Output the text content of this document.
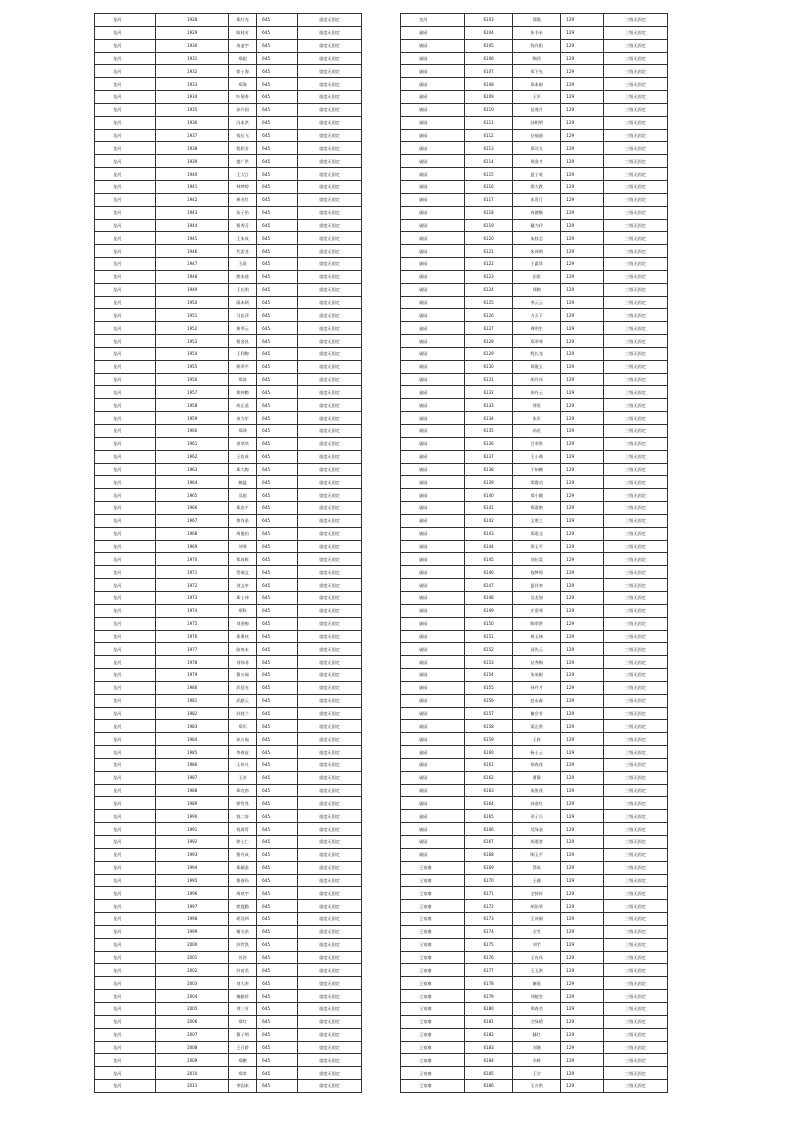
龙河	1928	郑红光	645	重度无固定
龙河	1929	陈桂芳	645	重度无固定
龙河	1930	冉凌宇	645	重度无固定
龙河	1931	郑超	645	重度无固定
龙河	1932	徐士海	645	重度无固定
龙河	1933	郑海	645	重度无固定
龙河	1934	叶菊香	645	重度无固定
龙河	1935	孙兴国	645	重度无固定
龙河	1936	冯本洪	645	重度无固定
龙河	1937	钱长飞	645	重度无固定
龙河	1938	程彩芳	645	重度无固定
龙河	1939	盛广洪	645	重度无固定
龙河	1940	王大江	645	重度无固定
龙河	1941	林梦婷	645	重度无固定
龙河	1942	黄光红	645	重度无固定
龙河	1943	张子怡	645	重度无固定
龙河	1944	曹秀芬	645	重度无固定
龙河	1945	王朱成	645	重度无固定
龙河	1946	代雷龙	645	重度无固定
龙河	1947	王政	645	重度无固定
龙河	1948	熊本道	645	重度无固定
龙河	1949	王长明	645	重度无固定
龙河	1950	廖本炳	645	重度无固定
龙河	1951	马忠萍	645	重度无固定
龙河	1952	黄季云	645	重度无固定
龙河	1953	曹金良	645	重度无固定
龙河	1954	王利梅	645	重度无固定
龙河	1955	徐翠平	645	重度无固定
龙河	1956	郑涛	645	重度无固定
龙河	1957	郑仲勤	645	重度无固定
龙河	1958	胡正道	645	重度无固定
龙河	1959	冉为军	645	重度无固定
龙河	1960	郑坤	645	重度无固定
龙河	1961	余翠华	645	重度无固定
龙河	1962	王佐成	645	重度无固定
龙河	1963	郑大梅	645	重度无固定
龙河	1964	赖猛	645	重度无固定
龙河	1965	吴超	645	重度无固定
龙河	1966	郑忠平	645	重度无固定
龙河	1967	黎伐金	645	重度无固定
龙河	1968	周俊伯	645	重度无固定
龙河	1969	刘琴	645	重度无固定
龙河	1970	郑成辉	645	重度无固定
龙河	1971	蔡瑞文	645	重度无固定
龙河	1972	刘文亭	645	重度无固定
龙河	1973	郑士伟	645	重度无固定
龙河	1974	郑科	645	重度无固定
龙河	1975	刘金梅	645	重度无固定
龙河	1976	郑勇侠	645	重度无固定
龙河	1977	陈每未	645	重度无固定
龙河	1978	刘伟非	645	重度无固定
龙河	1979	曹五福	645	重度无固定
龙河	1980	武延光	645	重度无固定
龙河	1981	武献云	645	重度无固定
龙河	1982	苏桂兰	645	重度无固定
龙河	1983	郑军	645	重度无固定
龙河	1984	孙万福	645	重度无固定
龙河	1985	李春虎	645	重度无固定
龙河	1986	王传凡	645	重度无固定
龙河	1987	王芳	645	重度无固定
龙河	1988	郑亮南	645	重度无固定
龙河	1989	徐雪兆	645	重度无固定
龙河	1990	钱二涛	645	重度无固定
龙河	1991	钱周青	645	重度无固定
龙河	1992	徐士仁	645	重度无固定
龙河	1993	曹丹成	645	重度无固定
龙河	1994	郑耀金	645	重度无固定
龙河	1995	曹春玛	645	重度无固定
龙河	1996	周泉宇	645	重度无固定
龙河	1997	徐震勤	645	重度无固定
龙河	1998	胡浩四	645	重度无固定
龙河	1999	谢关余	645	重度无固定
龙河	2000	苏世凯	645	重度无固定
龙河	2001	苏西	645	重度无固定
龙河	2002	苏首美	645	重度无固定
龙河	2003	刘大余	645	重度无固定
龙河	2004	谢献珍	645	重度无固定
龙河	2005	刘三芳	645	重度无固定
龙河	2006	郑红	645	重度无固定
龙河	2007	曹子荆	645	重度无固定
龙河	2008	王召娇	645	重度无固定
龙河	2009	郑鹏	645	重度无固定
龙河	2010	郑荣	645	重度无固定
龙河	2011	李国本	645	重度无固定
龙河	6103	郑霞	129	三级无固定
屠园	6104	朱书未	129	三级无固定
屠园	6105	钱丹阳	129	三级无固定
屠园	6106	陶西	129	三级无固定
屠园	6107	郑下先	129	三级无固定
屠园	6108	郑本娟	129	三级无固定
屠园	6109	王军	129	三级无固定
屠园	6110	仗逸月	129	三级无固定
屠园	6111	孙相明	129	三级无固定
屠园	6112	仓福祯	129	三级无固定
屠园	6113	郑司九	129	三级无固定
屠园	6114	郑金才	129	三级无固定
屠园	6115	夏子英	129	三级无固定
屠园	6116	郑大跌	129	三级无固定
屠园	6117	朱发行	129	三级无固定
屠园	6118	冉德顺	129	三级无固定
屠园	6119	戴为玲	129	三级无固定
屠园	6120	朱桂芯	129	三级无固定
屠园	6121	朱训明	129	三级无固定
屠园	6122	王素珍	129	三级无固定
屠园	6123	田景	129	三级无固定
屠园	6124	郑梅	129	三级无固定
屠园	6125	李云云	129	三级无固定
屠园	6126	力天下	129	三级无固定
屠园	6127	周明生	129	三级无固定
屠园	6128	郑翠琴	129	三级无固定
屠园	6129	程长龙	129	三级无固定
屠园	6130	郑俊玉	129	三级无固定
屠园	6131	胡丹凤	129	三级无固定
屠园	6132	胡丹云	129	三级无固定
屠园	6133	郑贵	129	三级无固定
屠园	6134	朱军	129	三级无固定
屠园	6135	尚花	129	三级无固定
屠园	6136	吕翠供	129	三级无固定
屠园	6137	王小满	129	三级无固定
屠园	6138	于知椿	129	三级无固定
屠园	6139	郑霞动	129	三级无固定
屠园	6140	郑小娥	129	三级无固定
屠园	6141	郑嘉艳	129	三级无固定
屠园	6142	文要之	129	三级无固定
屠园	6143	郑嘉文	129	三级无固定
屠园	6144	郑玉平	129	三级无固定
屠园	6145	刘仕富	129	三级无固定
屠园	6146	钱梦琼	129	三级无固定
屠园	6147	夏祥李	129	三级无固定
屠园	6148	吴龙如	129	三级无固定
屠园	6149	庄嘉琴	129	三级无固定
屠园	6150	陶翠供	129	三级无固定
屠园	6151	黄玉林	129	三级无固定
屠园	6152	邱先云	129	三级无固定
屠园	6153	仗秀梅	129	三级无固定
屠园	6154	朱英殿	129	三级无固定
屠园	6155	孙丹才	129	三级无固定
屠园	6156	赵永森	129	三级无固定
屠园	6157	谢会芳	129	三级无固定
屠园	6158	梁正供	129	三级无固定
屠园	6159	王轶	129	三级无固定
屠园	6160	杨士云	129	三级无固定
屠园	6161	郑春茂	129	三级无固定
屠园	6162	曹静	129	三级无固定
屠园	6163	朱凯茂	129	三级无固定
屠园	6164	孙金红	129	三级无固定
屠园	6165	邓子兵	129	三级无固定
屠园	6166	吴绿金	129	三级无固定
屠园	6167	胡道誉	129	三级无固定
屠园	6168	陶玉平	129	三级无固定
王家寨	6169	蔡筑	129	三级无固定
王家寨	6170	王健	129	三级无固定
王家寨	6171	全持轩	129	三级无固定
王家寨	6172	胡治翠	129	三级无固定
王家寨	6173	王诗刚	129	三级无固定
王家寨	6174	全雪	129	三级无固定
王家寨	6175	刘芋	129	三级无固定
王家寨	6176	王亮凤	129	三级无固定
王家寨	6177	王玉供	129	三级无固定
王家寨	6178	谢嘉	129	三级无固定
王家寨	6179	刘棱会	129	三级无固定
王家寨	6180	郑春会	129	三级无固定
王家寨	6181	仝绿碧	129	三级无固定
王家寨	6182	蘇红	129	三级无固定
王家寨	6183	刘满	129	三级无固定
王家寨	6184	辛辉	129	三级无固定
王家寨	6185	王学	129	三级无固定
王家寨	6186	王万供	129	三级无固定
